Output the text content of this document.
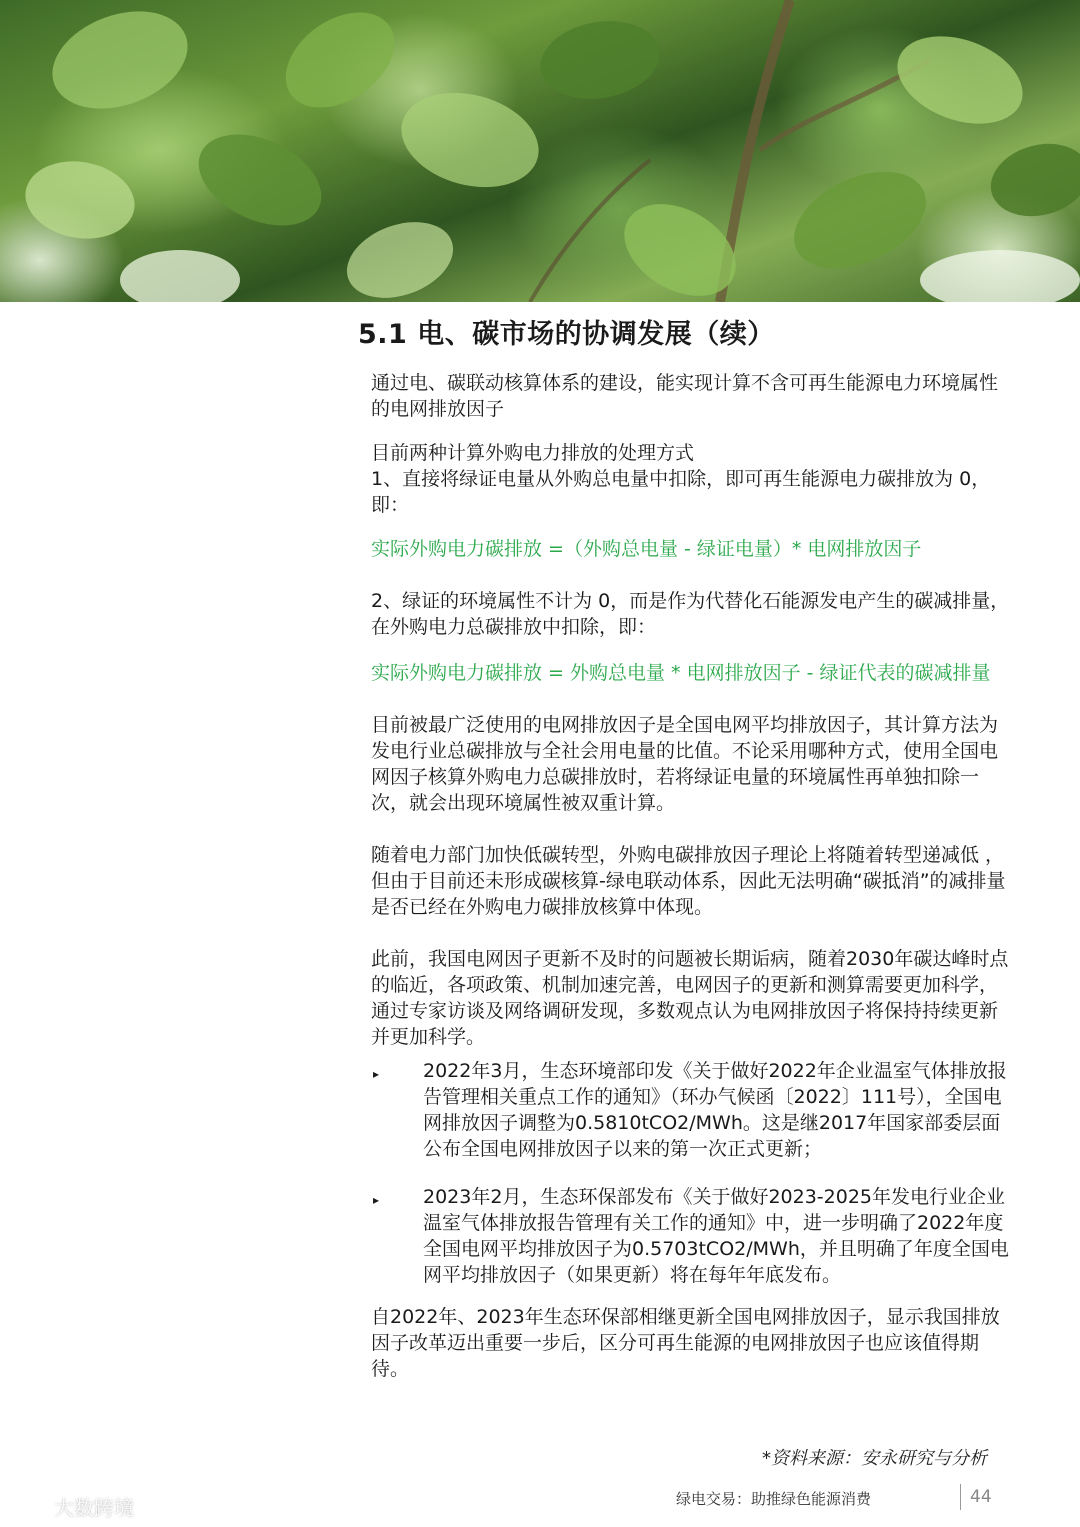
5.1 电、碳市场的协调发展（续）

通过电、碳联动核算体系的建设，能实现计算不含可再生能源电力环境属性的电网排放因子

目前两种计算外购电力排放的处理方式

1、直接将绿证电量从外购总电量中扣除，即可再生能源电力碳排放为 0， 即：

实际外购电力碳排放 =（外购总电量 - 绿证电量）* 电网排放因子

2、绿证的环境属性不计为 0，而是作为代替化石能源发电产生的碳减排量，在外购电力总碳排放中扣除，即：

实际外购电力碳排放 = 外购总电量 * 电网排放因子 - 绿证代表的碳减排量

目前被最广泛使用的电网排放因子是全国电网平均排放因子，其计算方法为发电行业总碳排放与全社会用电量的比值。不论采用哪种方式，使用全国电网因子核算外购电力总碳排放时，若将绿证电量的环境属性再单独扣除一次，就会出现环境属性被双重计算。

随着电力部门加快低碳转型，外购电碳排放因子理论上将随着转型递减低 ，但由于目前还未形成碳核算-绿电联动体系，因此无法明确“碳抵消”的减排量是否已经在外购电力碳排放核算中体现。

此前，我国电网因子更新不及时的问题被长期诟病，随着2030年碳达峰时点的临近，各项政策、机制加速完善，电网因子的更新和测算需要更加科学，通过专家访谈及网络调研发现，多数观点认为电网排放因子将保持持续更新并更加科学。

▸ 2022年3月，生态环境部印发《关于做好2022年企业温室气体排放报告管理相关重点工作的通知》（环办气候函〔2022〕111号），全国电网排放因子调整为0.5810tCO2/MWh。这是继2017年国家部委层面公布全国电网排放因子以来的第一次正式更新；
▸ 2023年2月，生态环保部发布《关于做好2023-2025年发电行业企业温室气体排放报告管理有关工作的通知》中，进一步明确了2022年度全国电网平均排放因子为0.5703tCO2/MWh，并且明确了年度全国电网平均排放因子（如果更新）将在每年年底发布。

自2022年、2023年生态环保部相继更新全国电网排放因子，显示我国排放因子改革迈出重要一步后，区分可再生能源的电网排放因子也应该值得期待。

*资料来源：安永研究与分析
大数跨境	绿电交易：助推绿色能源消费	44
